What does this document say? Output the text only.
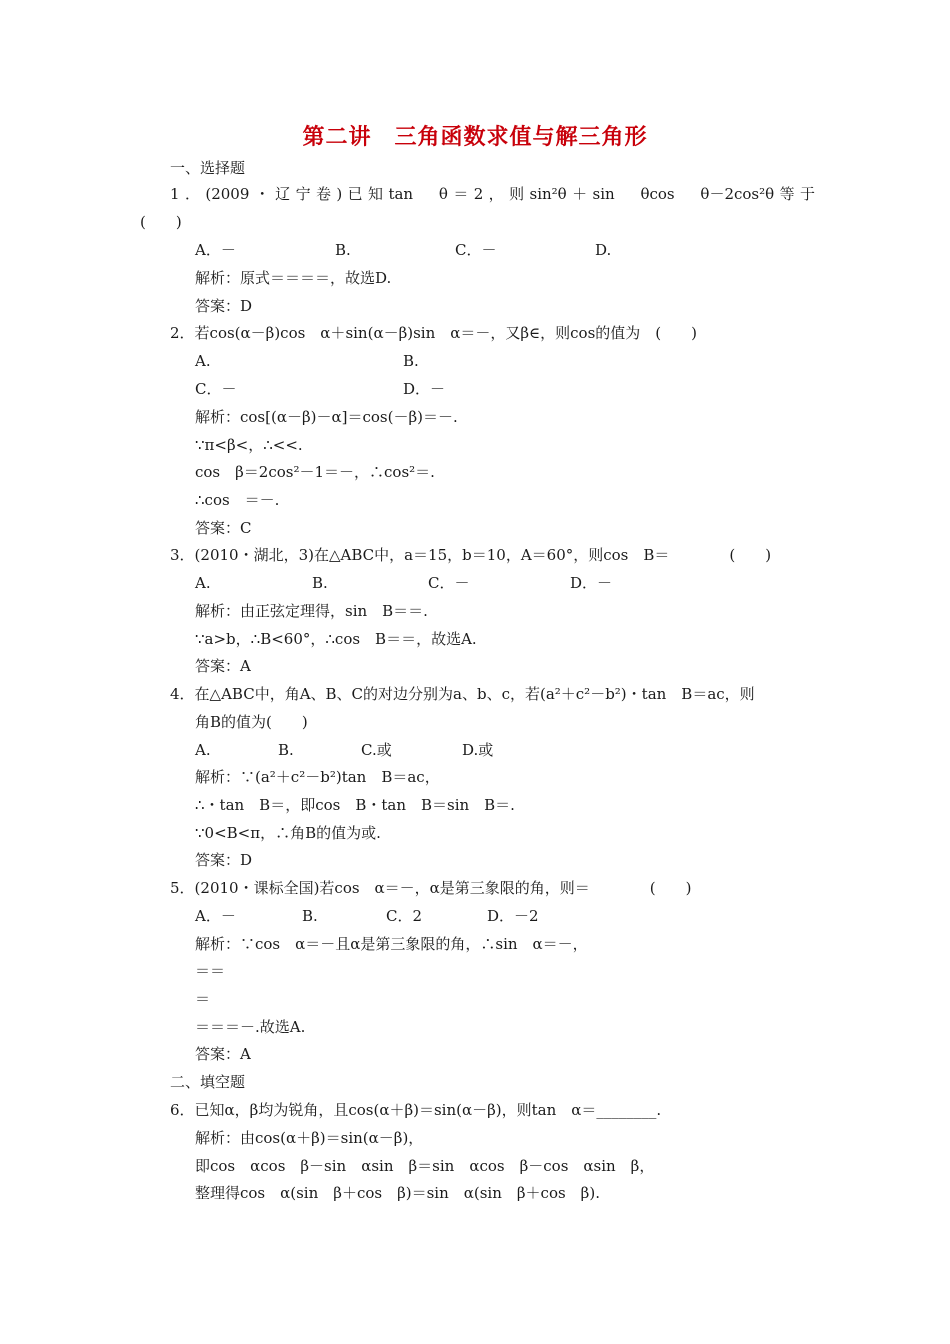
第二讲　三角函数求值与解三角形
一、选择题
1．(2009・辽宁卷)已知tan　θ＝2，则sin²θ＋sin　θcos　θ－2cos²θ等于
(　　)
解析：原式＝＝＝＝，故选D.
答案：D
2．若cos(α－β)cos　α＋sin(α－β)sin　α＝－，又β∈，则cos的值为　(　　)
解析：cos[(α－β)－α]＝cos(－β)＝－.
∵π<β<，∴<<.
cos　β＝2cos²－1＝－，∴cos²＝.
∴cos　＝－.
答案：C
3．(2010・湖北，3)在△ABC中，a＝15，b＝10，A＝60°，则cos　B＝　　　　(　　)
解析：由正弦定理得，sin　B＝＝.
∵a>b，∴B<60°，∴cos　B＝＝，故选A.
答案：A
4．在△ABC中，角A、B、C的对边分别为a、b、c，若(a²＋c²－b²)・tan　B＝ac，则
角B的值为(　　)
解析：∵(a²＋c²－b²)tan　B＝ac，
∴・tan　B＝，即cos　B・tan　B＝sin　B＝.
∵0<B<π，∴角B的值为或.
答案：D
5．(2010・课标全国)若cos　α＝－，α是第三象限的角，则＝　　　　(　　)
解析：∵cos　α＝－且α是第三象限的角，∴sin　α＝－，
＝＝
＝
＝＝＝－.故选A.
答案：A
二、填空题
6．已知α，β均为锐角，且cos(α＋β)＝sin(α－β)，则tan　α＝________.
解析：由cos(α＋β)＝sin(α－β)，
即cos　αcos　β－sin　αsin　β＝sin　αcos　β－cos　αsin　β，
整理得cos　α(sin　β＋cos　β)＝sin　α(sin　β＋cos　β).
A．－	B.	C．－	D.
A.	B.
C．－	D．－
A.	B.	C．－	D．－
A.	B.	C.或	D.或
A．－	B.	C．2	D．－2
